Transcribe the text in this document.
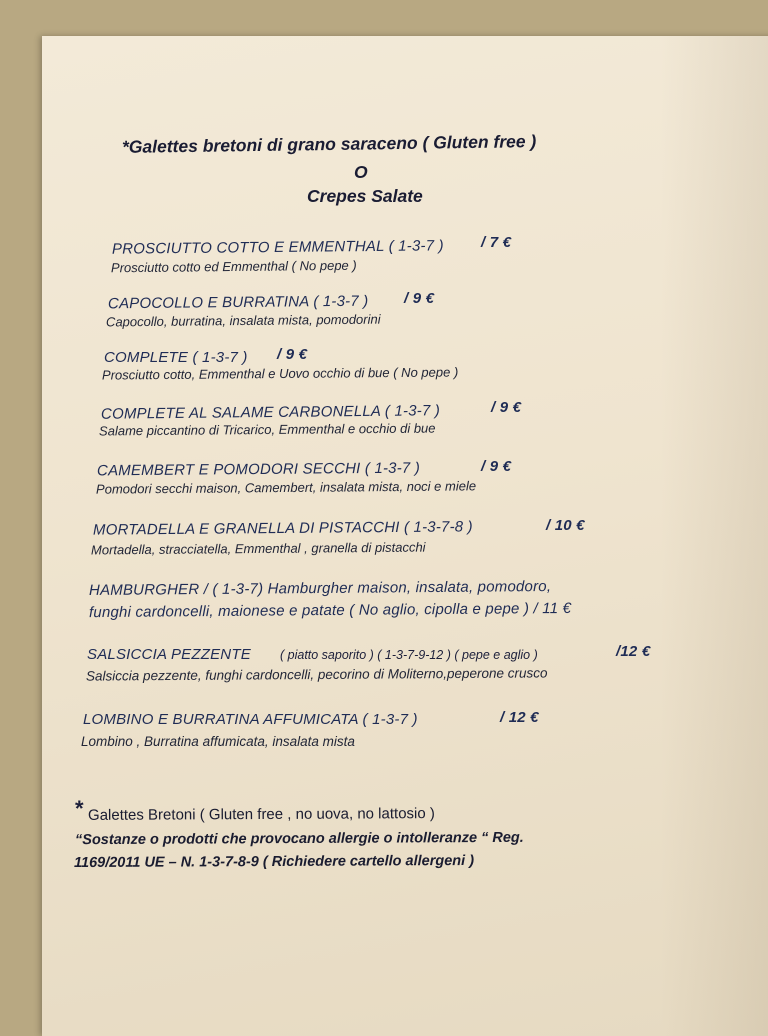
*Galettes bretoni di grano saraceno ( Gluten free )
O
Crepes Salate
PROSCIUTTO COTTO E EMMENTHAL ( 1-3-7 ) / 7 €
Prosciutto cotto ed Emmenthal ( No pepe )
CAPOCOLLO E BURRATINA ( 1-3-7 ) / 9 €
Capocollo, burratina, insalata mista, pomodorini
COMPLETE ( 1-3-7 ) / 9 €
Prosciutto cotto, Emmenthal e Uovo occhio di bue ( No pepe )
COMPLETE AL SALAME CARBONELLA ( 1-3-7 )	/ 9 €
Salame piccantino di Tricarico, Emmenthal e occhio di bue
CAMEMBERT E POMODORI SECCHI ( 1-3-7 )	/ 9 €
Pomodori secchi maison, Camembert, insalata mista, noci e miele
MORTADELLA E GRANELLA DI PISTACCHI ( 1-3-7-8 )	/ 10 €
Mortadella, stracciatella, Emmenthal , granella di pistacchi
HAMBURGHER / ( 1-3-7) Hamburgher maison, insalata, pomodoro,
funghi cardoncelli, maionese e patate ( No aglio, cipolla e pepe ) / 11 €
SALSICCIA PEZZENTE ( piatto saporito ) ( 1-3-7-9-12 ) ( pepe e aglio )	/12 €
Salsiccia pezzente, funghi cardoncelli, pecorino di Moliterno,peperone crusco
LOMBINO E BURRATINA AFFUMICATA ( 1-3-7 )	/ 12 €
Lombino , Burratina affumicata, insalata mista
* Galettes Bretoni ( Gluten free , no uova, no lattosio )
“Sostanze o prodotti che provocano allergie o intolleranze “ Reg.
1169/2011 UE – N. 1-3-7-8-9 ( Richiedere cartello allergeni )
